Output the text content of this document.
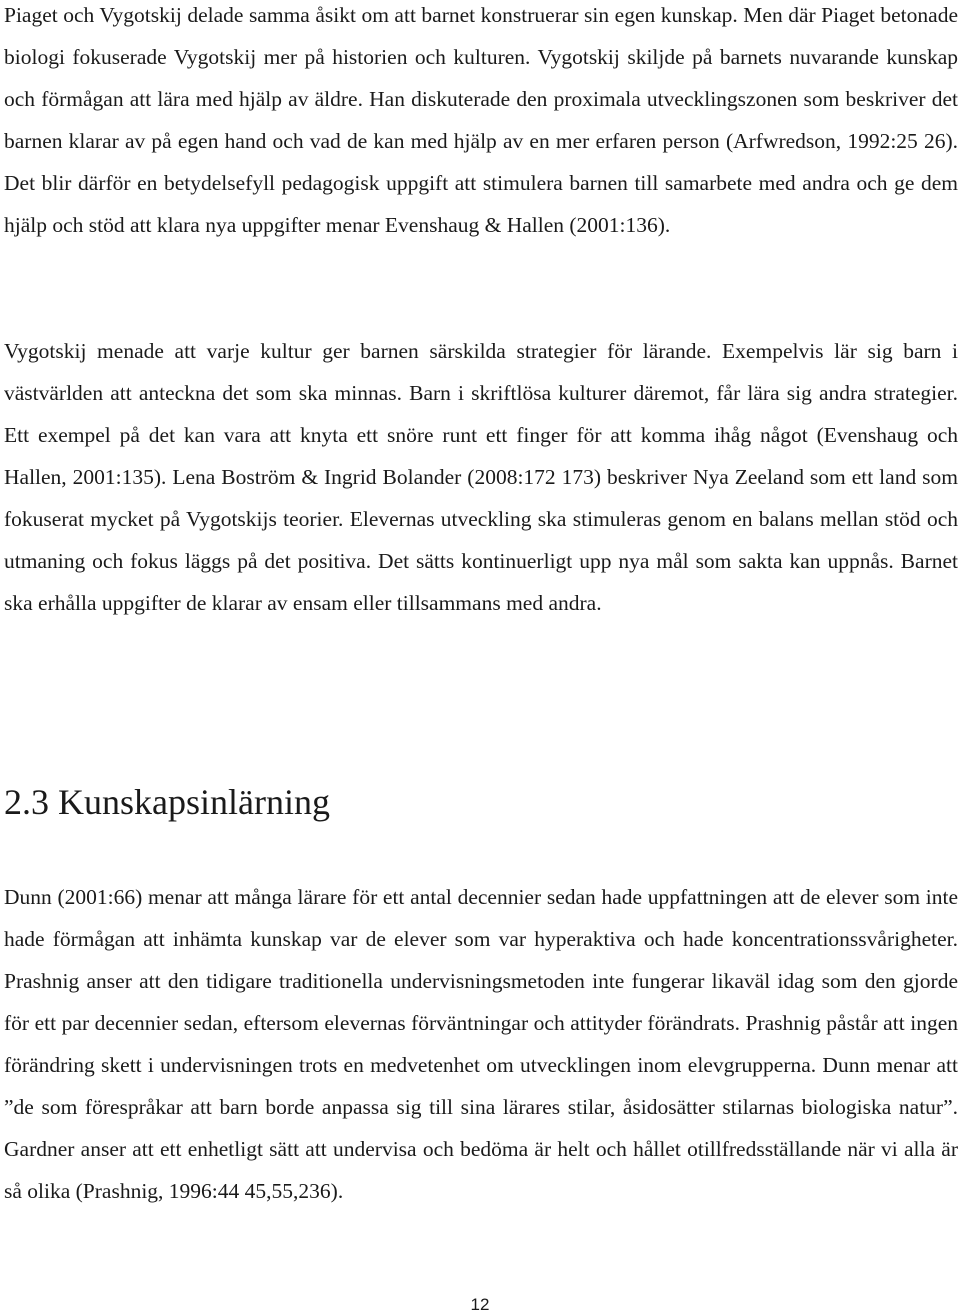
Piaget och Vygotskij delade samma åsikt om att barnet konstruerar sin egen kunskap. Men där Piaget betonade biologi fokuserade Vygotskij mer på historien och kulturen. Vygotskij skiljde på barnets nuvarande kunskap och förmågan att lära med hjälp av äldre. Han diskuterade den proximala utvecklingszonen som beskriver det barnen klarar av på egen hand och vad de kan med hjälp av en mer erfaren person (Arfwredson, 1992:25 26). Det blir därför en betydelsefyll pedagogisk uppgift att stimulera barnen till samarbete med andra och ge dem hjälp och stöd att klara nya uppgifter menar Evenshaug & Hallen (2001:136).

Vygotskij menade att varje kultur ger barnen särskilda strategier för lärande. Exempelvis lär sig barn i västvärlden att anteckna det som ska minnas. Barn i skriftlösa kulturer däremot, får lära sig andra strategier. Ett exempel på det kan vara att knyta ett snöre runt ett finger för att komma ihåg något (Evenshaug och Hallen, 2001:135). Lena Boström & Ingrid Bolander (2008:172 173) beskriver Nya Zeeland som ett land som fokuserat mycket på Vygotskijs teorier. Elevernas utveckling ska stimuleras genom en balans mellan stöd och utmaning och fokus läggs på det positiva. Det sätts kontinuerligt upp nya mål som sakta kan uppnås. Barnet ska erhålla uppgifter de klarar av ensam eller tillsammans med andra.

2.3 Kunskapsinlärning

Dunn (2001:66) menar att många lärare för ett antal decennier sedan hade uppfattningen att de elever som inte hade förmågan att inhämta kunskap var de elever som var hyperaktiva och hade koncentrationssvårigheter. Prashnig anser att den tidigare traditionella undervisningsmetoden inte fungerar likaväl idag som den gjorde för ett par decennier sedan, eftersom elevernas förväntningar och attityder förändrats. Prashnig påstår att ingen förändring skett i undervisningen trots en medvetenhet om utvecklingen inom elevgrupperna. Dunn menar att ”de som förespråkar att barn borde anpassa sig till sina lärares stilar, åsidosätter stilarnas biologiska natur”. Gardner anser att ett enhetligt sätt att undervisa och bedöma är helt och hållet otillfredsställande när vi alla är så olika (Prashnig, 1996:44 45,55,236).

12
